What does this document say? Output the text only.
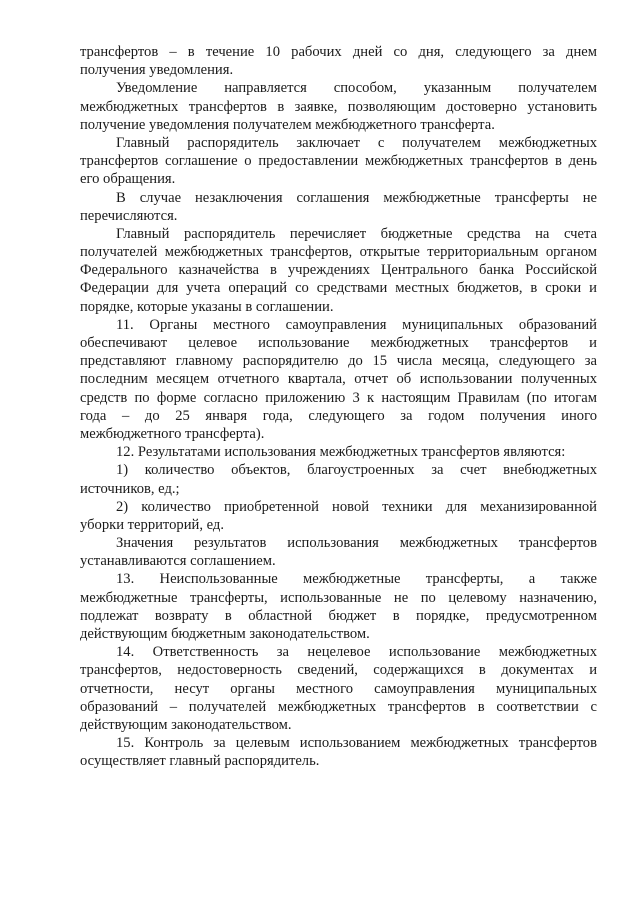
трансфертов – в течение 10 рабочих дней со дня, следующего за днем
получения уведомления.
Уведомление направляется способом, указанным получателем
межбюджетных трансфертов в заявке, позволяющим достоверно установить
получение уведомления получателем межбюджетного трансферта.
Главный распорядитель заключает с получателем межбюджетных
трансфертов соглашение о предоставлении межбюджетных трансфертов в день
его обращения.
В случае незаключения соглашения межбюджетные трансферты не
перечисляются.
Главный распорядитель перечисляет бюджетные средства на счета
получателей межбюджетных трансфертов, открытые территориальным органом
Федерального казначейства в учреждениях Центрального банка Российской
Федерации для учета операций со средствами местных бюджетов, в сроки и
порядке, которые указаны в соглашении.
11. Органы местного самоуправления муниципальных образований
обеспечивают целевое использование межбюджетных трансфертов и
представляют главному распорядителю до 15 числа месяца, следующего за
последним месяцем отчетного квартала, отчет об использовании полученных
средств по форме согласно приложению 3 к настоящим Правилам (по итогам
года – до 25 января года, следующего за годом получения иного
межбюджетного трансферта).
12. Результатами использования межбюджетных трансфертов являются:
1) количество объектов, благоустроенных за счет внебюджетных
источников, ед.;
2) количество приобретенной новой техники для механизированной
уборки территорий, ед.
Значения результатов использования межбюджетных трансфертов
устанавливаются соглашением.
13. Неиспользованные межбюджетные трансферты, а также
межбюджетные трансферты, использованные не по целевому назначению,
подлежат возврату в областной бюджет в порядке, предусмотренном
действующим бюджетным законодательством.
14. Ответственность за нецелевое использование межбюджетных
трансфертов, недостоверность сведений, содержащихся в документах и
отчетности, несут органы местного самоуправления муниципальных
образований – получателей межбюджетных трансфертов в соответствии с
действующим законодательством.
15. Контроль за целевым использованием межбюджетных трансфертов
осуществляет главный распорядитель.
